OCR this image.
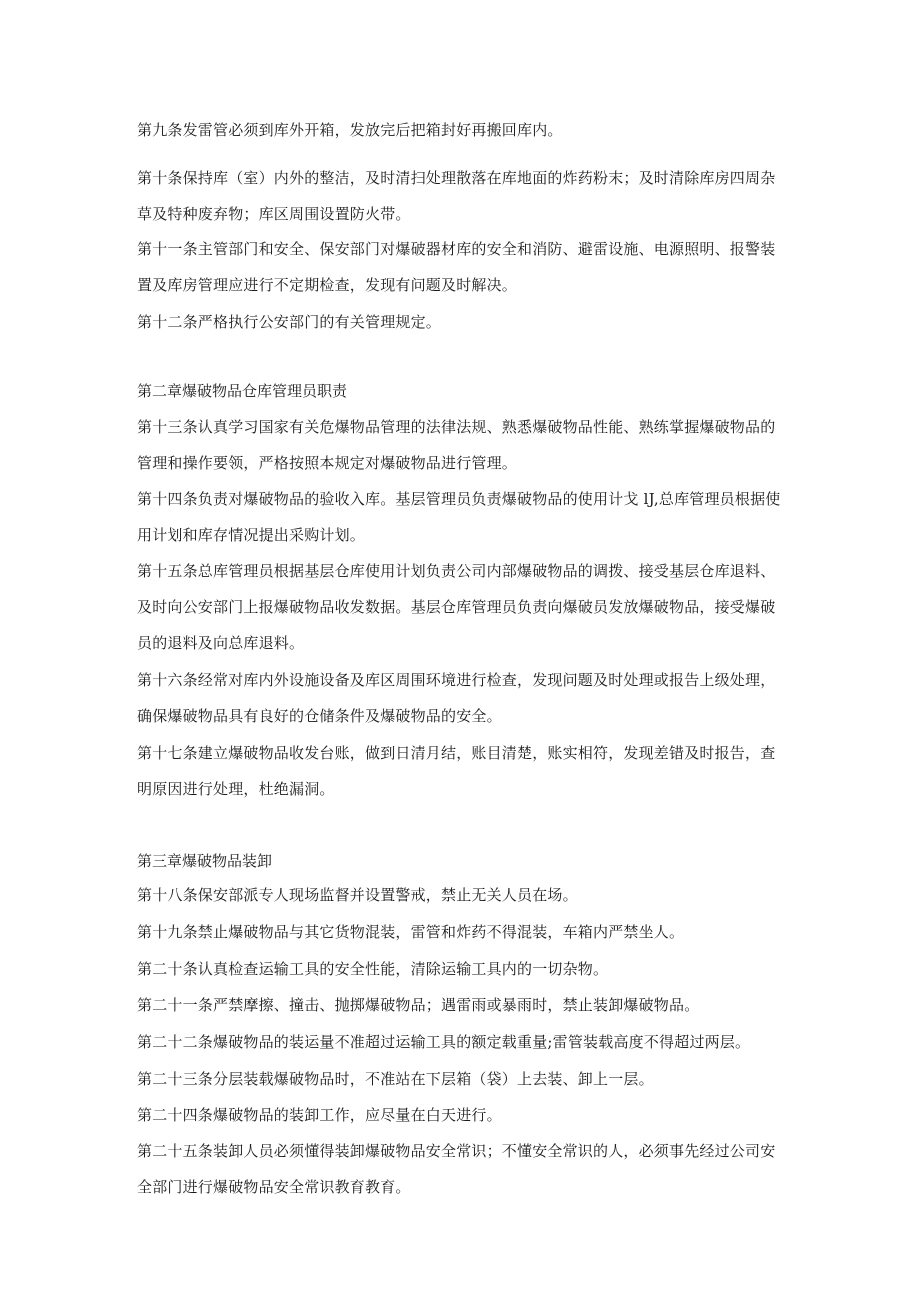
第九条发雷管必须到库外开箱，发放完后把箱封好再搬回库内。

第十条保持库（室）内外的整洁，及时清扫处理散落在库地面的炸药粉末；及时清除库房四周杂草及特种废弃物；库区周围设置防火带。

第十一条主管部门和安全、保安部门对爆破器材库的安全和消防、避雷设施、电源照明、报警装置及库房管理应进行不定期检查，发现有问题及时解决。

第十二条严格执行公安部门的有关管理规定。

第二章爆破物品仓库管理员职责

第十三条认真学习国家有关危爆物品管理的法律法规、熟悉爆破物品性能、熟练掌握爆破物品的管理和操作要领，严格按照本规定对爆破物品进行管理。

第十四条负责对爆破物品的验收入库。基层管理员负责爆破物品的使用计戈 lJ,总库管理员根据使用计划和库存情况提出采购计划。

第十五条总库管理员根据基层仓库使用计划负责公司内部爆破物品的调拨、接受基层仓库退料、及时向公安部门上报爆破物品收发数据。基层仓库管理员负责向爆破员发放爆破物品，接受爆破员的退料及向总库退料。

第十六条经常对库内外设施设备及库区周围环境进行检查，发现问题及时处理或报告上级处理，确保爆破物品具有良好的仓储条件及爆破物品的安全。

第十七条建立爆破物品收发台账，做到日清月结，账目清楚，账实相符，发现差错及时报告，查明原因进行处理，杜绝漏洞。

第三章爆破物品装卸

第十八条保安部派专人现场监督并设置警戒，禁止无关人员在场。

第十九条禁止爆破物品与其它货物混装，雷管和炸药不得混装，车箱内严禁坐人。

第二十条认真检查运输工具的安全性能，清除运输工具内的一切杂物。

第二十一条严禁摩擦、撞击、抛掷爆破物品；遇雷雨或暴雨时，禁止装卸爆破物品。

第二十二条爆破物品的装运量不准超过运输工具的额定载重量;雷管装载高度不得超过两层。

第二十三条分层装载爆破物品时，不准站在下层箱（袋）上去装、卸上一层。

第二十四条爆破物品的装卸工作，应尽量在白天进行。

第二十五条装卸人员必须懂得装卸爆破物品安全常识；不懂安全常识的人，必须事先经过公司安全部门进行爆破物品安全常识教育教育。
